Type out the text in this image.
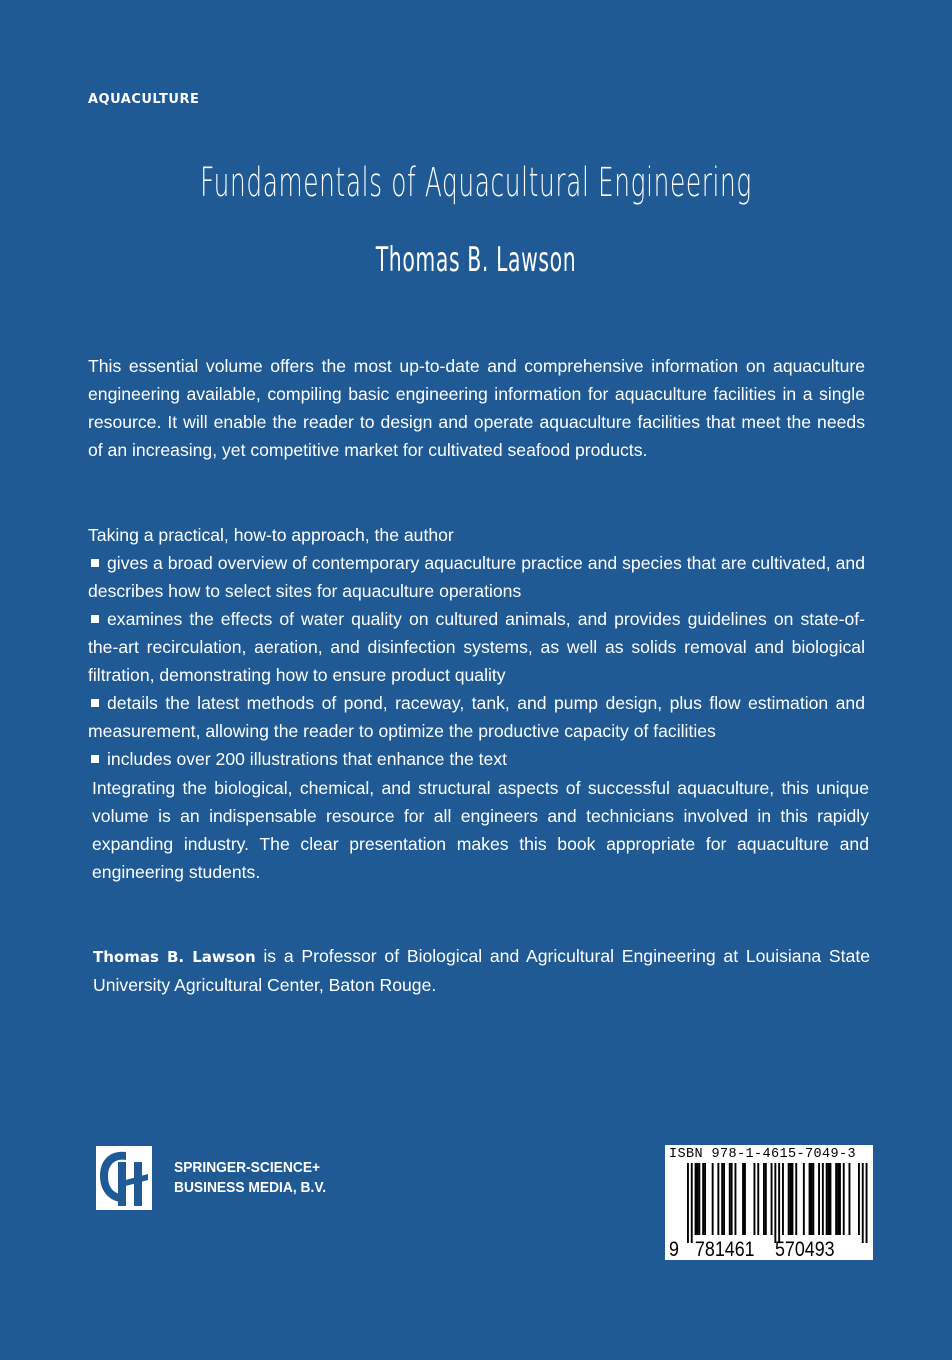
AQUACULTURE
Fundamentals of Aquacultural Engineering
Thomas B. Lawson

This essential volume offers the most up-to-date and comprehensive information on aquaculture engineering available, compiling basic engineering information for aquaculture facilities in a single resource. It will enable the reader to design and operate aquaculture facilities that meet the needs of an increasing, yet competitive market for cultivated seafood products.

Taking a practical, how-to approach, the author

gives a broad overview of contemporary aquaculture practice and species that are cultivated, and describes how to select sites for aquaculture operations

examines the effects of water quality on cultured animals, and provides guidelines on state-of-the-art recirculation, aeration, and disinfection systems, as well as solids removal and biological filtration, demonstrating how to ensure product quality

details the latest methods of pond, raceway, tank, and pump design, plus flow estimation and measurement, allowing the reader to optimize the productive capacity of facilities

includes over 200 illustrations that enhance the text

Integrating the biological, chemical, and structural aspects of successful aquaculture, this unique volume is an indispensable resource for all engineers and technicians involved in this rapidly expanding industry. The clear presentation makes this book appropriate for aquaculture and engineering students.

Thomas B. Lawson is a Professor of Biological and Agricultural Engineering at Louisiana State University Agricultural Center, Baton Rouge.

SPRINGER-SCIENCE+
BUSINESS MEDIA, B.V.
ISBN 978-1-4615-7049-3
9 781461 570493
